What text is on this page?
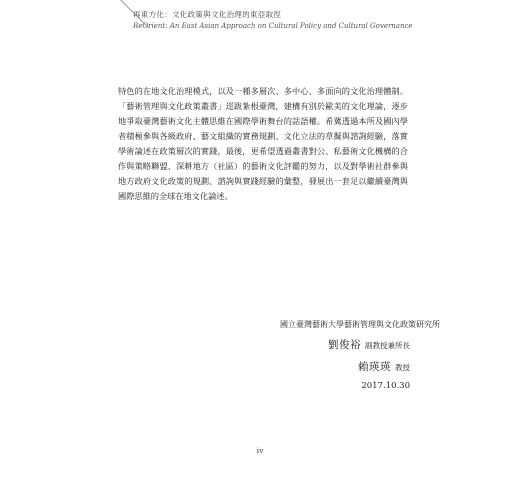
再東方化：文化政策與文化治理的東亞取徑
ReOrient: An East Asian Approach on Cultural Policy and Cultural Governance

特色的在地文化治理模式，以及一種多層次、多中心、多面向的文化治理體制。「藝術管理與文化政策叢書」逕跋紮根臺灣，建構有別於歐美的文化理論，逐步地爭取臺灣藝術文化主體思維在國際學術舞台的話語權。希冀透過本所及國內學者積極參與各級政府、藝文組織的實務規劃、文化立法的草擬與諮詢經驗，落實學術論述在政策層次的實踐，最後，更希望透過叢書對公、私藝術文化機構的合作與策略聯盟、深耕地方（社區）的藝術文化評鑑的努力，以及對學術社群參與地方政府文化政策的規劃、諮詢與實踐經驗的彙整，發展出一套足以繼續臺灣與國際思維的全球在地文化論述。

國立臺灣藝術大學藝術管理與文化政策研究所
劉俊裕 副教授兼所長
賴瑛瑛 教授
2017.10.30
iv
